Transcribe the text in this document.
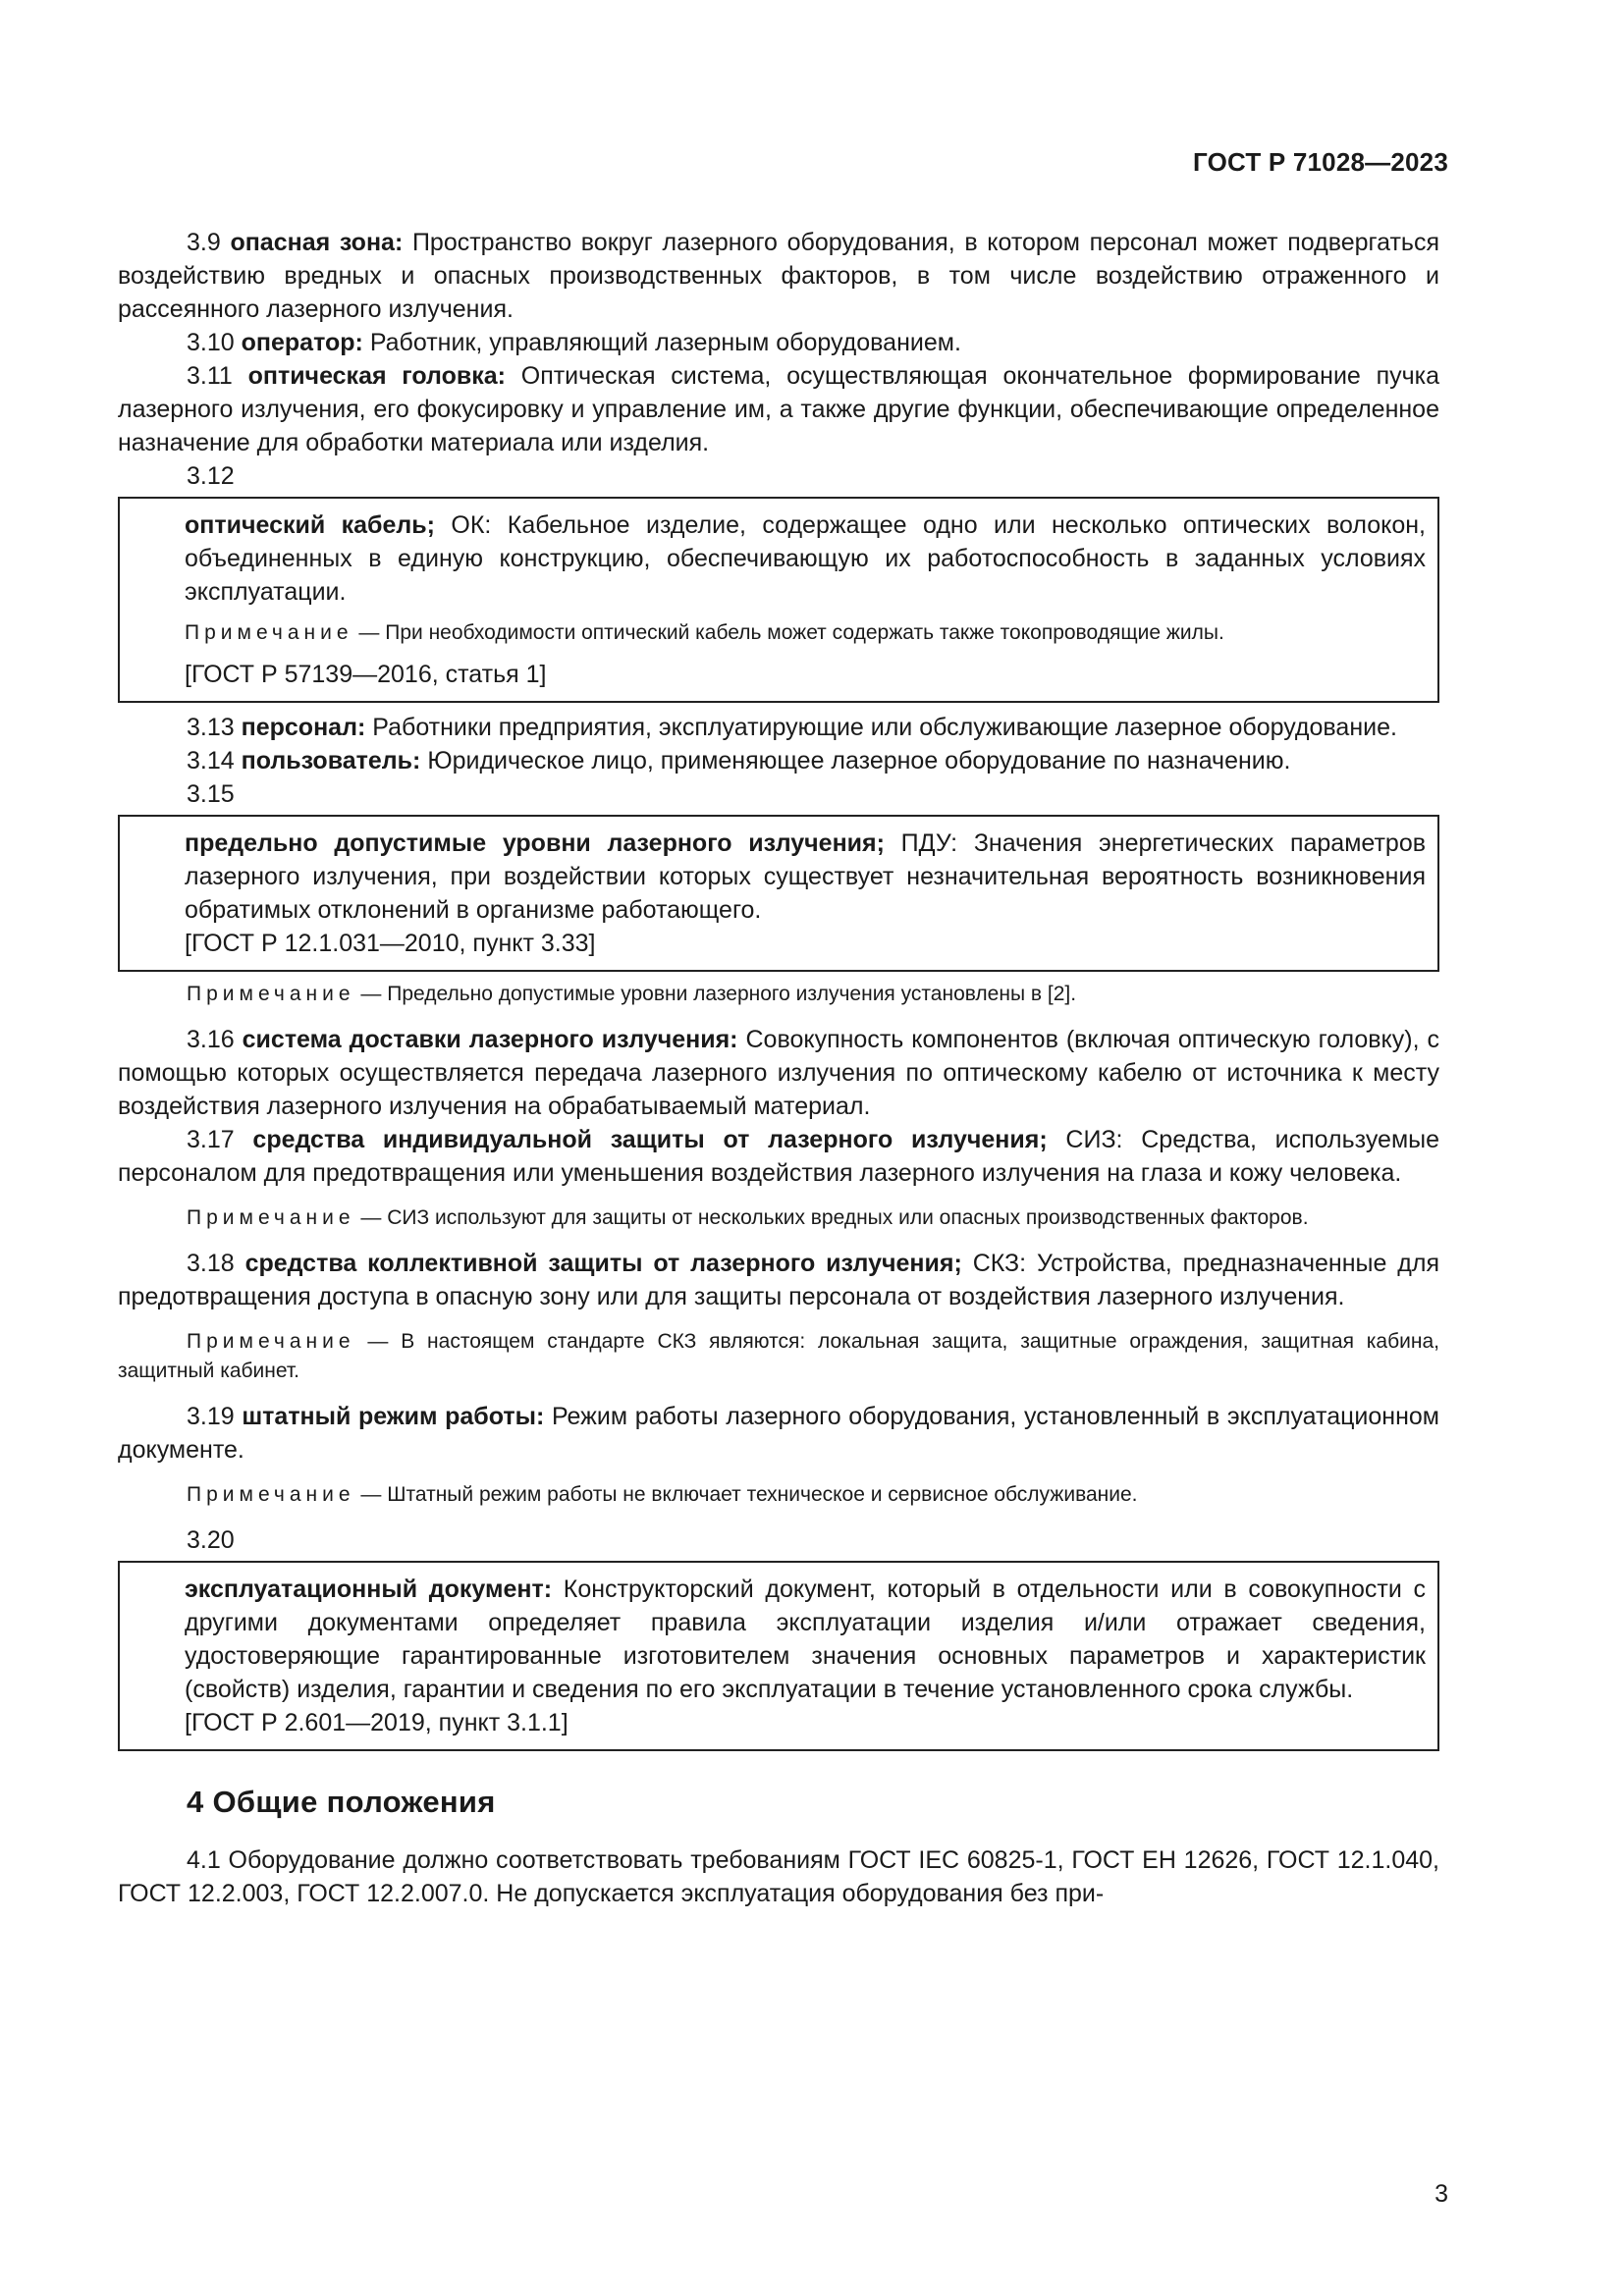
ГОСТ Р 71028—2023

3.9 опасная зона: Пространство вокруг лазерного оборудования, в котором персонал может подвергаться воздействию вредных и опасных производственных факторов, в том числе воздействию отраженного и рассеянного лазерного излучения.

3.10 оператор: Работник, управляющий лазерным оборудованием.

3.11 оптическая головка: Оптическая система, осуществляющая окончательное формирование пучка лазерного излучения, его фокусировку и управление им, а также другие функции, обеспечивающие определенное назначение для обработки материала или изделия.

3.12

оптический кабель; ОК: Кабельное изделие, содержащее одно или несколько оптических волокон, объединенных в единую конструкцию, обеспечивающую их работоспособность в заданных условиях эксплуатации.

Примечание — При необходимости оптический кабель может содержать также токопроводящие жилы.

[ГОСТ Р 57139—2016, статья 1]

3.13 персонал: Работники предприятия, эксплуатирующие или обслуживающие лазерное оборудование.

3.14 пользователь: Юридическое лицо, применяющее лазерное оборудование по назначению.

3.15

предельно допустимые уровни лазерного излучения; ПДУ: Значения энергетических параметров лазерного излучения, при воздействии которых существует незначительная вероятность возникновения обратимых отклонений в организме работающего.

[ГОСТ Р 12.1.031—2010, пункт 3.33]

Примечание — Предельно допустимые уровни лазерного излучения установлены в [2].

3.16 система доставки лазерного излучения: Совокупность компонентов (включая оптическую головку), с помощью которых осуществляется передача лазерного излучения по оптическому кабелю от источника к месту воздействия лазерного излучения на обрабатываемый материал.

3.17 средства индивидуальной защиты от лазерного излучения; СИЗ: Средства, используемые персоналом для предотвращения или уменьшения воздействия лазерного излучения на глаза и кожу человека.

Примечание — СИЗ используют для защиты от нескольких вредных или опасных производственных факторов.

3.18 средства коллективной защиты от лазерного излучения; СКЗ: Устройства, предназначенные для предотвращения доступа в опасную зону или для защиты персонала от воздействия лазерного излучения.

Примечание — В настоящем стандарте СКЗ являются: локальная защита, защитные ограждения, защитная кабина, защитный кабинет.

3.19 штатный режим работы: Режим работы лазерного оборудования, установленный в эксплуатационном документе.

Примечание — Штатный режим работы не включает техническое и сервисное обслуживание.

3.20

эксплуатационный документ: Конструкторский документ, который в отдельности или в совокупности с другими документами определяет правила эксплуатации изделия и/или отражает сведения, удостоверяющие гарантированные изготовителем значения основных параметров и характеристик (свойств) изделия, гарантии и сведения по его эксплуатации в течение установленного срока службы.

[ГОСТ Р 2.601—2019, пункт 3.1.1]

4 Общие положения

4.1 Оборудование должно соответствовать требованиям ГОСТ IEC 60825-1, ГОСТ ЕН 12626, ГОСТ 12.1.040, ГОСТ 12.2.003, ГОСТ 12.2.007.0. Не допускается эксплуатация оборудования без при-

3
